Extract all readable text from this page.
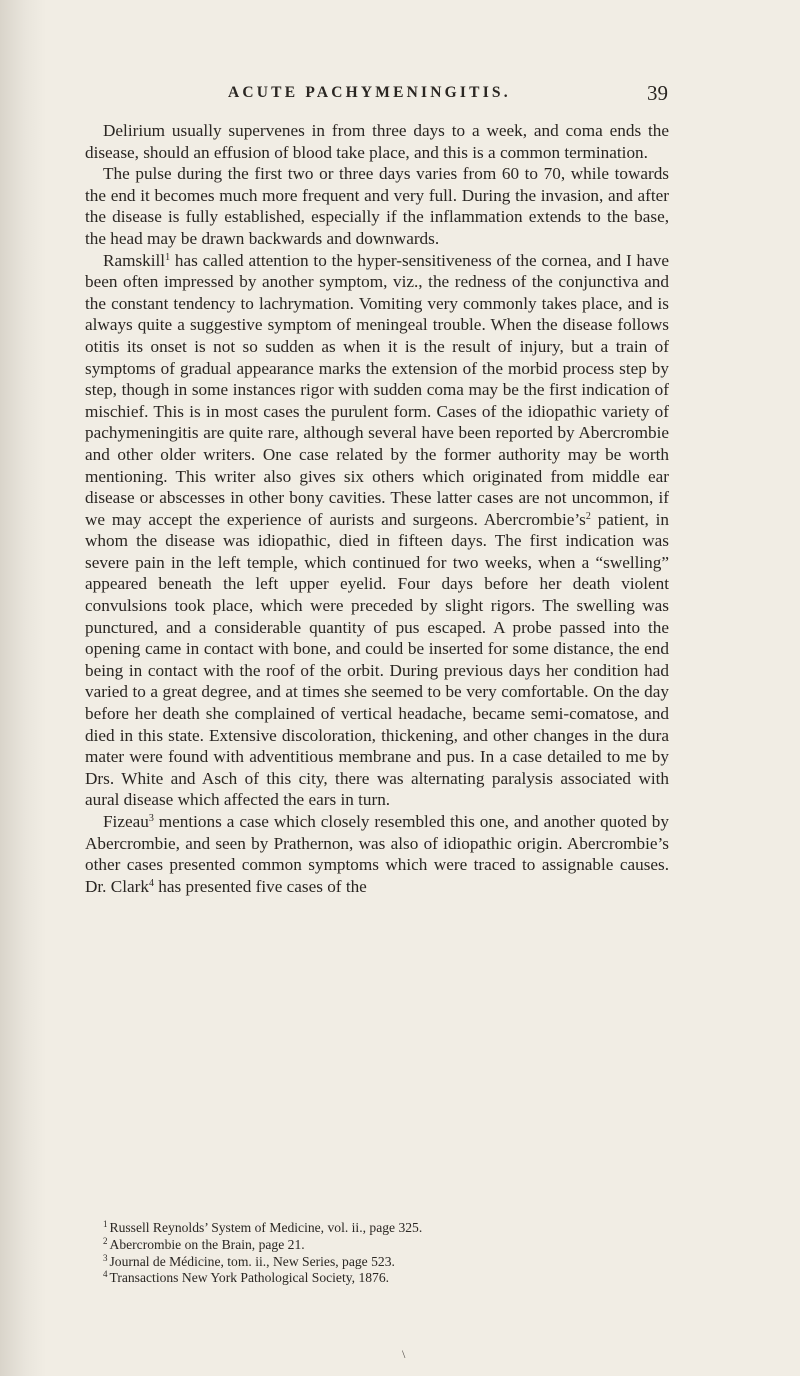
ACUTE PACHYMENINGITIS.	39

Delirium usually supervenes in from three days to a week, and coma ends the disease, should an effusion of blood take place, and this is a common termination.

The pulse during the first two or three days varies from 60 to 70, while towards the end it becomes much more frequent and very full. During the invasion, and after the disease is fully established, especially if the inflammation extends to the base, the head may be drawn backwards and downwards.

Ramskill$^1$ has called attention to the hyper-sensitiveness of the cornea, and I have been often impressed by another symptom, viz., the redness of the conjunctiva and the constant tendency to lachrymation. Vomiting very commonly takes place, and is always quite a suggestive symptom of meningeal trouble. When the disease follows otitis its onset is not so sudden as when it is the result of injury, but a train of symptoms of gradual appearance marks the extension of the morbid process step by step, though in some instances rigor with sudden coma may be the first indication of mischief. This is in most cases the purulent form. Cases of the idiopathic variety of pachymeningitis are quite rare, although several have been reported by Abercrombie and other older writers. One case related by the former authority may be worth mentioning. This writer also gives six others which originated from middle ear disease or abscesses in other bony cavities. These latter cases are not uncommon, if we may accept the experience of aurists and surgeons. $Abercrombie’s^2$ patient, in whom the disease was idiopathic, died in fifteen days. The first indication was severe pain in the left temple, which continued for two weeks, when a “swelling” appeared beneath the left upper eyelid. Four days before her death violent convulsions took place, which were preceded by slight rigors. The swelling was punctured, and a considerable quantity of pus escaped. A probe passed into the opening came in contact with bone, and could be inserted for some distance, the end being in contact with the roof of the orbit. During previous days her condition had varied to a great degree, and at times she seemed to be very comfortable. On the day before her death she complained of vertical headache, became semi-comatose, and died in this state. Extensive discoloration, thickening, and other changes in the dura mater were found with adventitious membrane and pus. In a case detailed to me by Drs. White and Asch of this city, there was alternating paralysis associated with aural disease which affected the ears in turn.

Fizeau$^3$ mentions a case which closely resembled this one, and another quoted by Abercrombie, and seen by Prathernon, was also of idiopathic origin. Abercrombie’s other cases presented common symptoms which were traced to assignable causes. Dr. Clark$^4$ has presented five cases of the

$^1$ Russell Reynolds’ System of Medicine, vol. ii., page 325.
$^2$ Abercrombie on the Brain, page 21.
$^3$ Journal de Médicine, tom. ii., New Series, page 523.
$^4$ Transactions New York Pathological Society, 1876.
\
